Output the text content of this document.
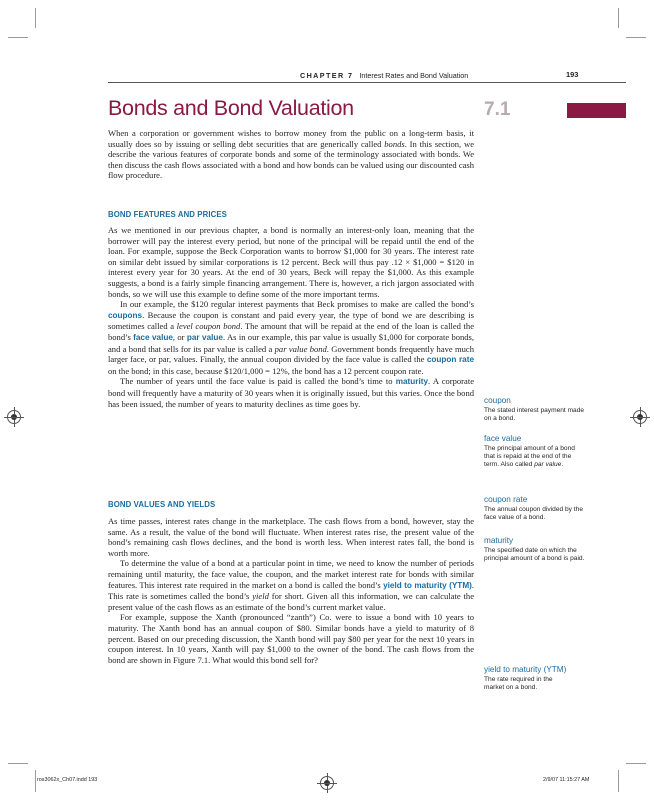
CHAPTER 7 Interest Rates and Bond Valuation	193
Bonds and Bond Valuation	7.1

When a corporation or government wishes to borrow money from the public on a long-term basis, it usually does so by issuing or selling debt securities that are generically called bonds. In this section, we describe the various features of corporate bonds and some of the terminology associated with bonds. We then discuss the cash flows associated with a bond and how bonds can be valued using our discounted cash flow procedure.

BOND FEATURES AND PRICES

As we mentioned in our previous chapter, a bond is normally an interest-only loan, meaning that the borrower will pay the interest every period, but none of the principal will be repaid until the end of the loan. For example, suppose the Beck Corporation wants to borrow $1,000 for 30 years. The interest rate on similar debt issued by similar corporations is 12 percent. Beck will thus pay .12 × $1,000 = $120 in interest every year for 30 years. At the end of 30 years, Beck will repay the $1,000. As this example suggests, a bond is a fairly simple financing arrangement. There is, however, a rich jargon associated with bonds, so we will use this example to define some of the more important terms.

In our example, the $120 regular interest payments that Beck promises to make are called the bond’s coupons. Because the coupon is constant and paid every year, the type of bond we are describing is sometimes called a level coupon bond. The amount that will be repaid at the end of the loan is called the bond’s face value, or par value. As in our example, this par value is usually $1,000 for corporate bonds, and a bond that sells for its par value is called a par value bond. Government bonds frequently have much larger face, or par, values. Finally, the annual coupon divided by the face value is called the coupon rate on the bond; in this case, because $120/1,000 = 12%, the bond has a 12 percent coupon rate.

The number of years until the face value is paid is called the bond’s time to maturity. A corporate bond will frequently have a maturity of 30 years when it is originally issued, but this varies. Once the bond has been issued, the number of years to maturity declines as time goes by.

BOND VALUES AND YIELDS

As time passes, interest rates change in the marketplace. The cash flows from a bond, however, stay the same. As a result, the value of the bond will fluctuate. When interest rates rise, the present value of the bond’s remaining cash flows declines, and the bond is worth less. When interest rates fall, the bond is worth more.

To determine the value of a bond at a particular point in time, we need to know the number of periods remaining until maturity, the face value, the coupon, and the market interest rate for bonds with similar features. This interest rate required in the market on a bond is called the bond’s yield to maturity (YTM). This rate is sometimes called the bond’s yield for short. Given all this information, we can calculate the present value of the cash flows as an estimate of the bond’s current market value.

For example, suppose the Xanth (pronounced “zanth”) Co. were to issue a bond with 10 years to maturity. The Xanth bond has an annual coupon of $80. Similar bonds have a yield to maturity of 8 percent. Based on our preceding discussion, the Xanth bond will pay $80 per year for the next 10 years in coupon interest. In 10 years, Xanth will pay $1,000 to the owner of the bond. The cash flows from the bond are shown in Figure 7.1. What would this bond sell for?

coupon
The stated interest payment made on a bond.
face value
The principal amount of a bond that is repaid at the end of the term. Also called par value.
coupon rate
The annual coupon divided by the face value of a bond.
maturity
The specified date on which the principal amount of a bond is paid.
yield to maturity (YTM)
The rate required in the market on a bond.
ros3062x_Ch07.indd 193	2/9/07 11:15:27 AM
